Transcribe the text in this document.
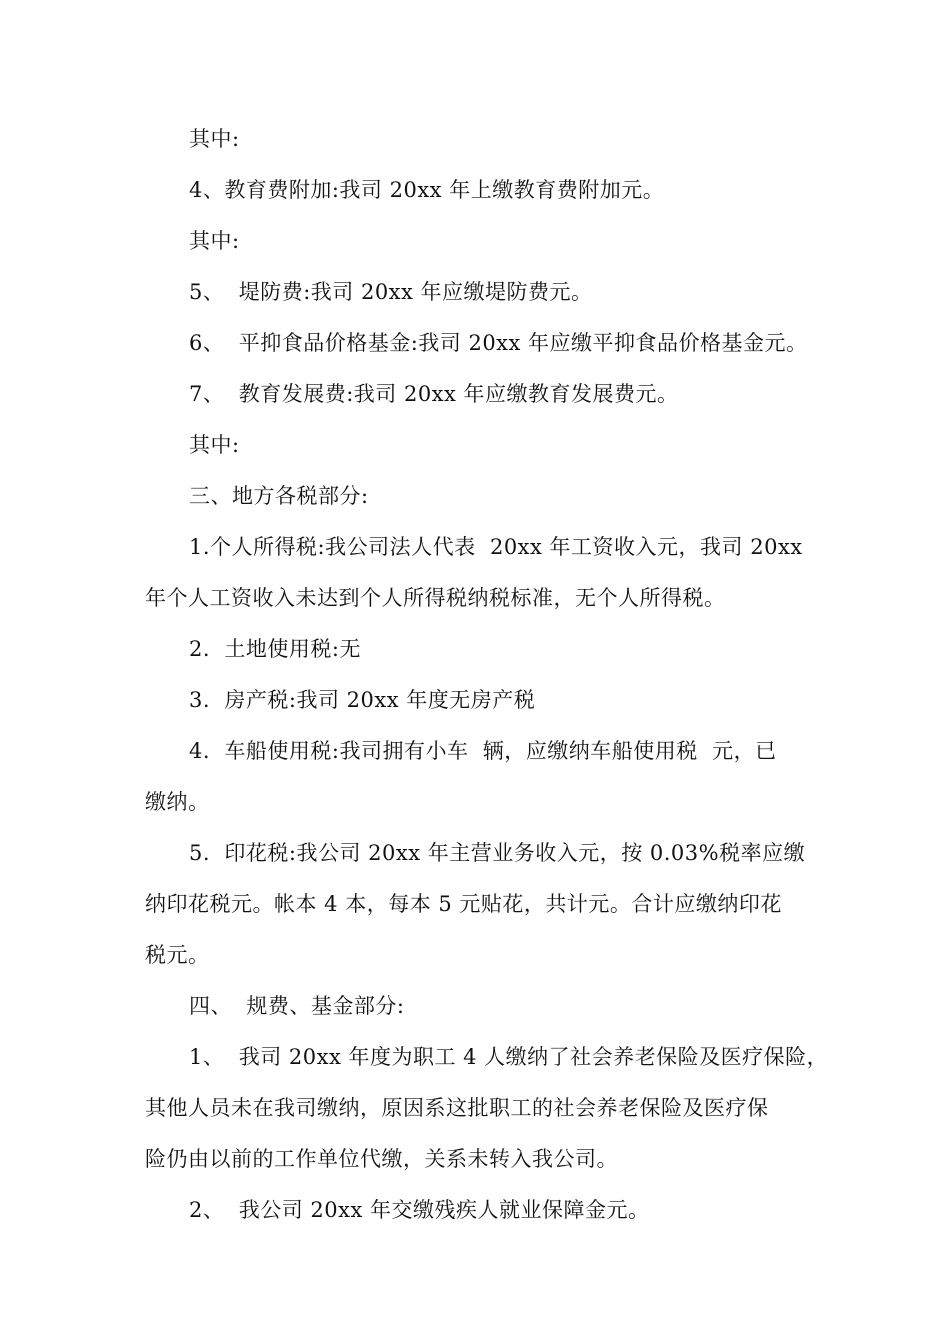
其中:
4、教育费附加:我司 20xx 年上缴教育费附加元。
其中:
5、  堤防费:我司 20xx 年应缴堤防费元。
6、  平抑食品价格基金:我司 20xx 年应缴平抑食品价格基金元。
7、  教育发展费:我司 20xx 年应缴教育发展费元。
其中:
三、地方各税部分:
1.个人所得税:我公司法人代表  20xx 年工资收入元，我司 20xx
年个人工资收入未达到个人所得税纳税标准，无个人所得税。
2.  土地使用税:无
3.  房产税:我司 20xx 年度无房产税
4.  车船使用税:我司拥有小车  辆，应缴纳车船使用税  元，已
缴纳。
5.  印花税:我公司 20xx 年主营业务收入元，按 0.03%税率应缴
纳印花税元。帐本 4 本，每本 5 元贴花，共计元。合计应缴纳印花
税元。
四、  规费、基金部分:
1、  我司 20xx 年度为职工 4 人缴纳了社会养老保险及医疗保险，
其他人员未在我司缴纳，原因系这批职工的社会养老保险及医疗保
险仍由以前的工作单位代缴，关系未转入我公司。
2、  我公司 20xx 年交缴残疾人就业保障金元。
